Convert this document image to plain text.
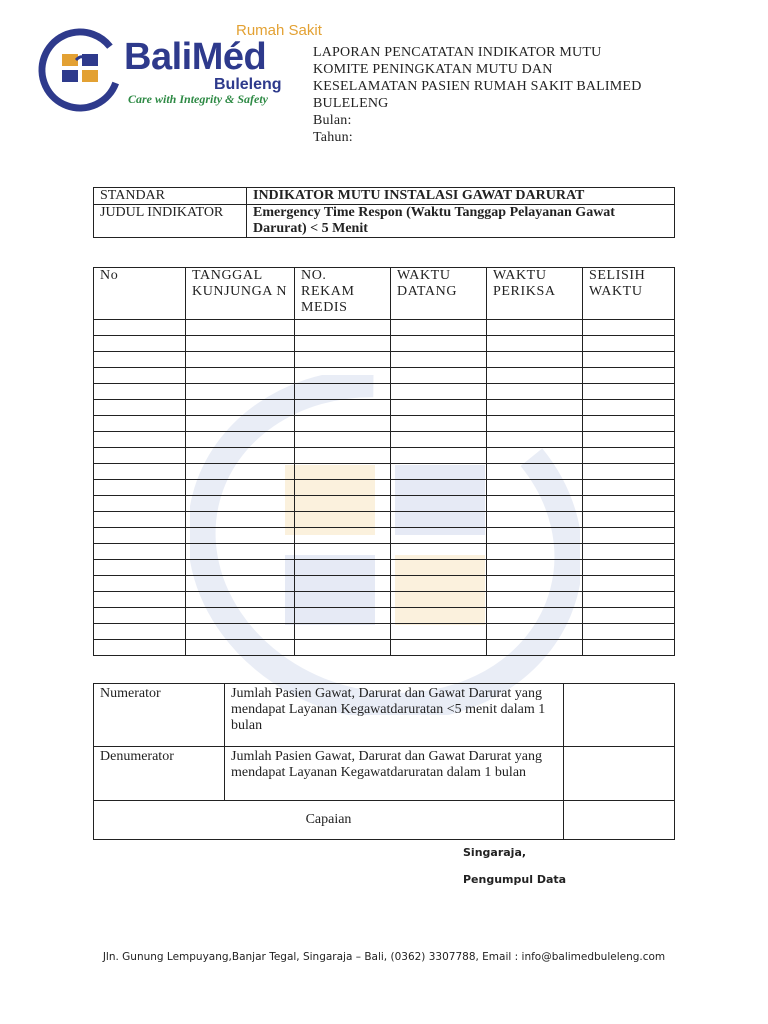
Rumah Sakit
BaliMéd
Buleleng
Care with Integrity & Safety
LAPORAN PENCATATAN INDIKATOR MUTU
KOMITE PENINGKATAN MUTU DAN
KESELAMATAN PASIEN RUMAH SAKIT BALIMED
BULELENG
Bulan:
Tahun:
STANDAR	INDIKATOR MUTU INSTALASI GAWAT DARURAT
JUDUL INDIKATOR	Emergency Time Respon (Waktu Tanggap Pelayanan Gawat Darurat) < 5 Menit
No	TANGGAL KUNJUNGA N	NO. REKAM MEDIS	WAKTU DATANG	WAKTU PERIKSA	SELISIH WAKTU

Numerator	Jumlah Pasien Gawat, Darurat dan Gawat Darurat yang mendapat Layanan Kegawatdaruratan <5 menit dalam 1 bulan	
Denumerator	Jumlah Pasien Gawat, Darurat dan Gawat Darurat yang mendapat Layanan Kegawatdaruratan dalam 1 bulan	
Capaian		
Singaraja,
Pengumpul Data
Jln. Gunung Lempuyang,Banjar Tegal, Singaraja – Bali, (0362) 3307788, Email : info@balimedbuleleng.com
